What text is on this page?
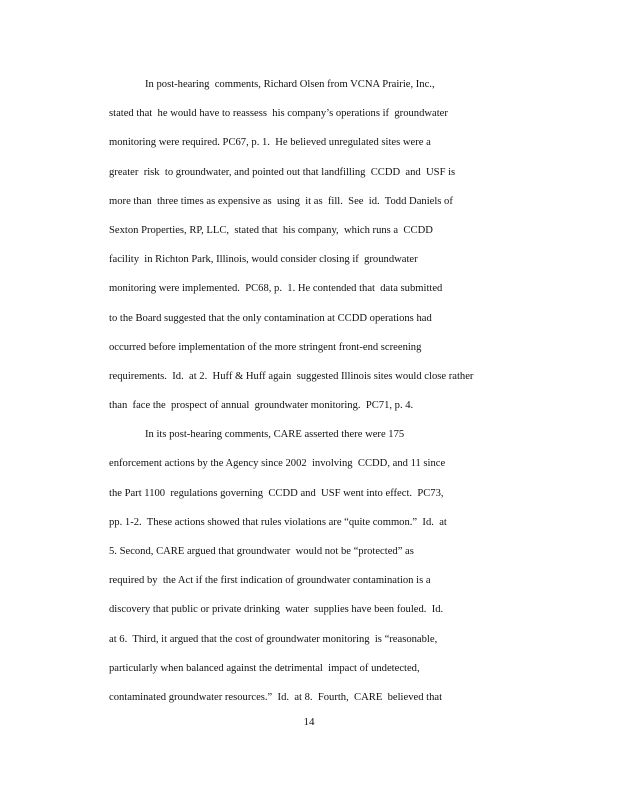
In post-hearing  comments, Richard Olsen from VCNA Prairie, Inc.,
stated that  he would have to reassess  his company’s operations if  groundwater
monitoring were required. PC67, p. 1.  He believed unregulated sites were a
greater  risk  to groundwater, and pointed out that landfilling  CCDD  and  USF is
more than  three times as expensive as  using  it as  fill.  See  id.  Todd Daniels of
Sexton Properties, RP, LLC,  stated that  his company,  which runs a  CCDD
facility  in Richton Park, Illinois, would consider closing if  groundwater
monitoring were implemented.  PC68, p.  1. He contended that  data submitted
to the Board suggested that the only contamination at CCDD operations had
occurred before implementation of the more stringent front-end screening
requirements.  Id.  at 2.  Huff & Huff again  suggested Illinois sites would close rather
than  face the  prospect of annual  groundwater monitoring.  PC71, p. 4.
In its post-hearing comments, CARE asserted there were 175
enforcement actions by the Agency since 2002  involving  CCDD, and 11 since
the Part 1100  regulations governing  CCDD and  USF went into effect.  PC73,
pp. 1-2.  These actions showed that rules violations are “quite common.”  Id.  at
5. Second, CARE argued that groundwater  would not be “protected” as
required by  the Act if the first indication of groundwater contamination is a
discovery that public or private drinking  water  supplies have been fouled.  Id.
at 6.  Third, it argued that the cost of groundwater monitoring  is “reasonable,
particularly when balanced against the detrimental  impact of undetected,
contaminated groundwater resources.”  Id.  at 8.  Fourth,  CARE  believed that
14
